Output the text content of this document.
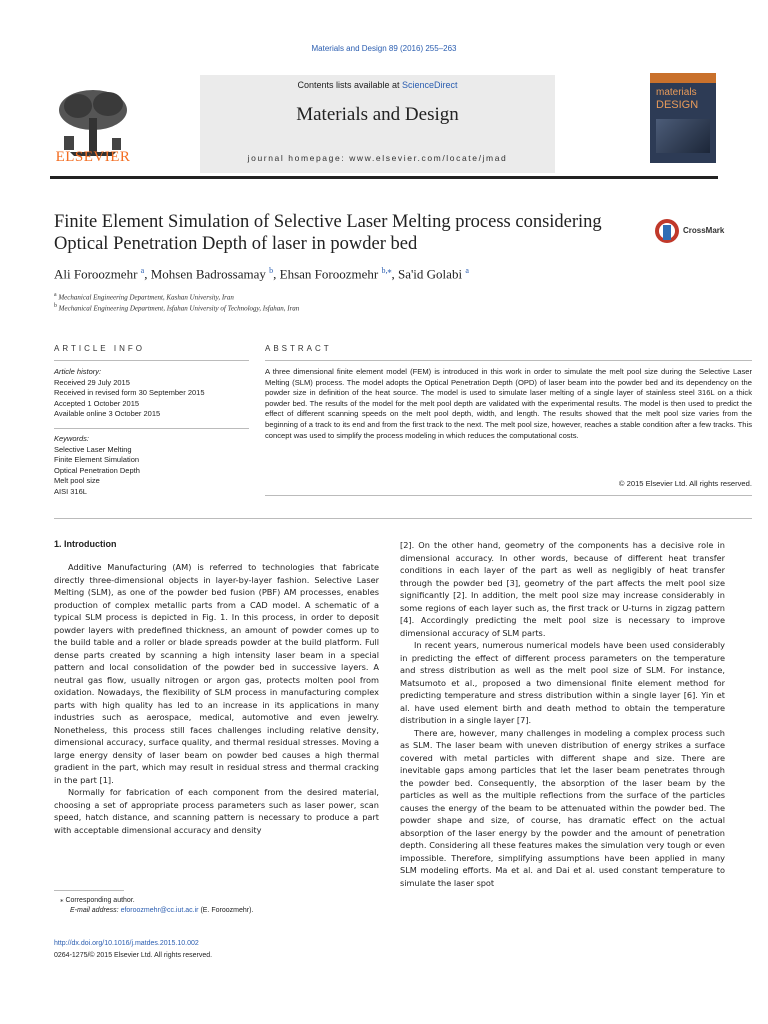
Materials and Design 89 (2016) 255–263
ELSEVIER
Contents lists available at ScienceDirect
Materials and Design
journal homepage: www.elsevier.com/locate/jmad
materials
DESIGN
Finite Element Simulation of Selective Laser Melting process considering
Optical Penetration Depth of laser in powder bed
CrossMark
Ali Foroozmehr $^a$, Mohsen Badrossamay $^b$, Ehsan Foroozmehr $^{b,⁎}$, Sa'id Golabi $^a$
$^a$ Mechanical Engineering Department, Kashan University, Iran
$^b$ Mechanical Engineering Department, Isfahan University of Technology, Isfahan, Iran
ARTICLE INFO
Article history:
Received 29 July 2015
Received in revised form 30 September 2015
Accepted 1 October 2015
Available online 3 October 2015
Keywords:
Selective Laser Melting
Finite Element Simulation
Optical Penetration Depth
Melt pool size
AISI 316L
ABSTRACT
A three dimensional finite element model (FEM) is introduced in this work in order to simulate the melt pool size during the Selective Laser Melting (SLM) process. The model adopts the Optical Penetration Depth (OPD) of laser beam into the powder bed and its dependency on the powder size in definition of the heat source. The model is used to simulate laser melting of a single layer of stainless steel 316L on a thick powder bed. The results of the model for the melt pool depth are validated with the experimental results. The model is then used to predict the effect of different scanning speeds on the melt pool depth, width, and length. The results showed that the melt pool size varies from the beginning of a track to its end and from the first track to the next. The melt pool size, however, reaches a stable condition after a few tracks. This concept was used to simplify the process modeling in which reduces the computational costs.
© 2015 Elsevier Ltd. All rights reserved.
1. Introduction

Additive Manufacturing (AM) is referred to technologies that fabricate directly three-dimensional objects in layer-by-layer fashion. Selective Laser Melting (SLM), as one of the powder bed fusion (PBF) AM processes, enables production of complex metallic parts from a CAD model. A schematic of a typical SLM process is depicted in Fig. 1. In this process, in order to deposit powder layers with predefined thickness, an amount of powder comes up to the build table and a roller or blade spreads powder at the build platform. Full dense parts created by scanning a high intensity laser beam in a special pattern and local consolidation of the powder bed in successive layers. A neutral gas flow, usually nitrogen or argon gas, protects molten pool from oxidation. Nowadays, the flexibility of SLM process in manufacturing complex parts with high quality has led to an increase in its applications in many industries such as aerospace, medical, automotive and even jewelry. Nonetheless, this process still faces challenges including relative density, dimensional accuracy, surface quality, and thermal residual stresses. Moving a large energy density of laser beam on powder bed causes a high thermal gradient in the part, which may result in residual stress and thermal cracking in the part [1].

Normally for fabrication of each component from the desired material, choosing a set of appropriate process parameters such as laser power, scan speed, hatch distance, and scanning pattern is necessary to produce a part with acceptable dimensional accuracy and density

[2]. On the other hand, geometry of the components has a decisive role in dimensional accuracy. In other words, because of different heat transfer conditions in each layer of the part as well as negligibly of heat transfer through the powder bed [3], geometry of the part affects the melt pool size significantly [2]. In addition, the melt pool size may increase considerably in some regions of each layer such as, the first track or U-turns in zigzag pattern [4]. Accordingly predicting the melt pool size is necessary to improve dimensional accuracy of SLM parts.

In recent years, numerous numerical models have been used considerably in predicting the effect of different process parameters on the temperature and stress distribution as well as the melt pool size of SLM. For instance, Matsumoto et al., proposed a two dimensional finite element method for predicting temperature and stress distribution within a single layer [6]. Yin et al. have used element birth and death method to obtain the temperature distribution in a single layer [7].

There are, however, many challenges in modeling a complex process such as SLM. The laser beam with uneven distribution of energy strikes a surface covered with metal particles with different shape and size. There are inevitable gaps among particles that let the laser beam penetrates through the powder bed. Consequently, the absorption of the laser beam by the particles as well as the multiple reflections from the surface of the particles causes the energy of the beam to be attenuated within the powder bed. The powder shape and size, of course, has dramatic effect on the actual absorption of the laser energy by the powder and the amount of penetration depth. Considering all these features makes the simulation very tough or even impossible. Therefore, simplifying assumptions have been applied in many SLM modeling efforts. Ma et al. and Dai et al. used constant temperature to simulate the laser spot

⁎ Corresponding author.
E-mail address: eforoozmehr@cc.iut.ac.ir (E. Foroozmehr).
http://dx.doi.org/10.1016/j.matdes.2015.10.002
0264-1275/© 2015 Elsevier Ltd. All rights reserved.
